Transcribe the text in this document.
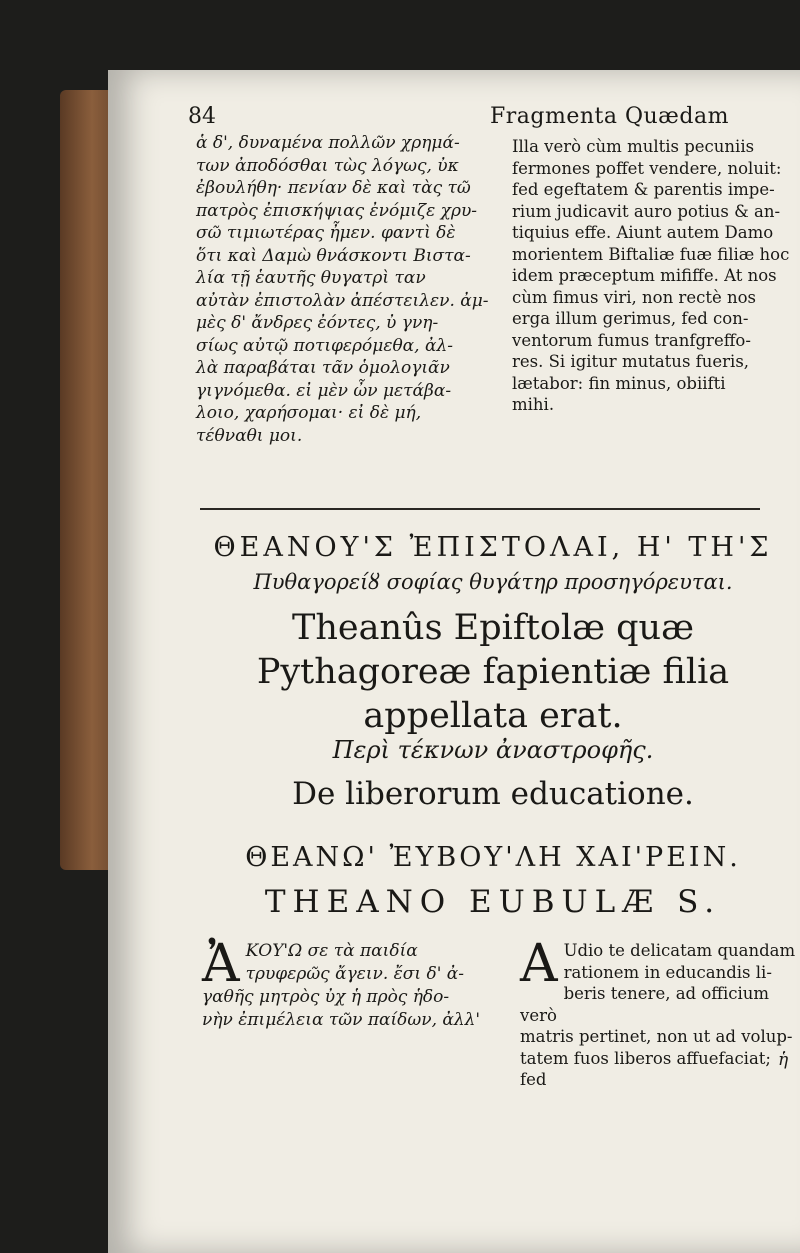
84	Fragmenta Quædam

ἁ δ', δυναμένα πολλῶν χρημά-

των ἀποδόσθαι τὼς λόγως, ὐκ

ἐβουλήθη· πενίαν δὲ καὶ τὰς τῶ

πατρὸς ἐπισκήψιας ἐνόμιζε χρυ-

σῶ τιμιωτέρας ἦμεν. φαντὶ δὲ

ὅτι καὶ Δαμὼ θνάσκοντι Βιστα-

λία τῇ ἑαυτῆς θυγατρὶ ταν

αὐτὰν ἐπιστολὰν ἀπέστειλεν. ἀμ-

μὲς δ' ἄνδρες ἐόντες, ὐ γνη-

σίως αὐτῷ ποτιφερόμεθα, ἀλ-

λὰ παραβάται τᾶν ὁμολογιᾶν

γιγνόμεθα. εἰ μὲν ὦν μετάβα-

λοιο, χαρήσομαι· εἰ δὲ μή,

τέθναθι μοι.

Illa verò cùm multis pecuniis

fermones poffet vendere, noluit:

fed egeftatem & parentis impe-

rium judicavit auro potius & an-

tiquius effe. Aiunt autem Damo

morientem Biftaliæ fuæ filiæ hoc

idem præceptum mififfe. At nos

cùm fimus viri, non rectè nos

erga illum gerimus, fed con-

ventorum fumus tranfgreffo-

res. Si igitur mutatus fueris,

lætabor: fin minus, obiifti

mihi.

ΘΕΑΝΟΥ'Σ ἘΠΙΣΤΟΛΑΙ, Η' ΤΗ'Σ
Πυθαγορείȣ σοφίας θυγάτηρ προσηγόρευται.
Theanûs Epiftolæ quæ Pythagoreæ fapientiæ filia appellata erat.
Περὶ τέκνων ἀναστροφῆς.
De liberorum educatione.
ΘΕΑΝΩ' ἘΥΒΟΥ'ΛΗ ΧΑΙ'ΡΕΙΝ.
THEANO EUBULÆ S.
Ἀ ΚΟΥ'Ω σε τὰ παιδία

τρυφερῶς ἄγειν. ἔσι δ' ἀ-

γαθῆς μητρὸς ὐχ ἡ πρὸς ἡδο-

νὴν ἐπιμέλεια τῶν παίδων, ἀλλ'

A Udio te delicatam quandam

rationem in educandis li-

beris tenere, ad officium verò

matris pertinet, non ut ad volup-

tatem fuos liberos affuefaciat; fed

ἡ
